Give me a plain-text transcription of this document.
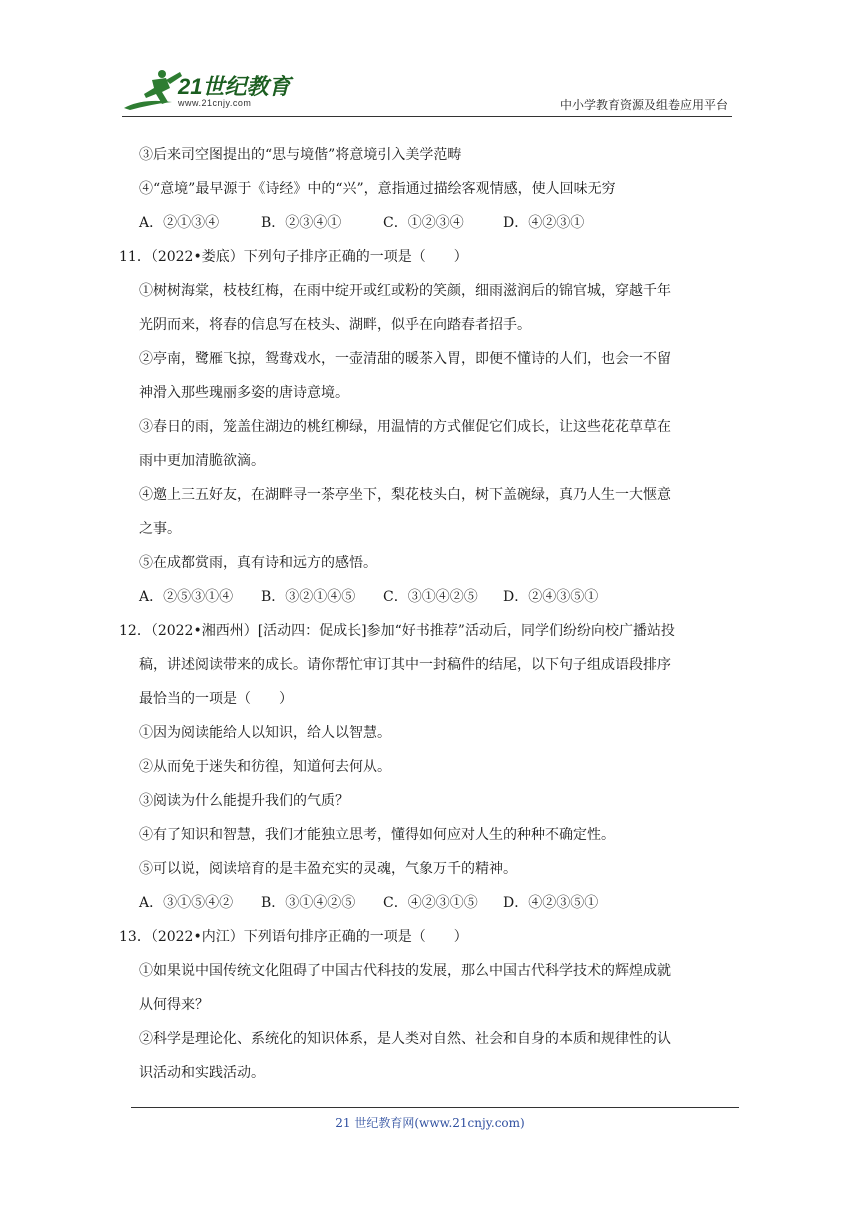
21世纪教育
www.21cnjy.com	中小学教育资源及组卷应用平台
③后来司空图提出的“思与境偕”将意境引入美学范畴
④“意境”最早源于《诗经》中的“兴”，意指通过描绘客观情感，使人回味无穷
A．②①③④	B．②③④①	C．①②③④	D．④②③①
11．（2022•娄底）下列句子排序正确的一项是（　　）
①树树海棠，枝枝红梅，在雨中绽开或红或粉的笑颜，细雨滋润后的锦官城，穿越千年
光阴而来，将春的信息写在枝头、湖畔，似乎在向踏春者招手。
②亭南，鹭雁飞掠，鸳鸯戏水，一壶清甜的暖茶入胃，即便不懂诗的人们，也会一不留
神滑入那些瑰丽多姿的唐诗意境。
③春日的雨，笼盖住湖边的桃红柳绿，用温情的方式催促它们成长，让这些花花草草在
雨中更加清脆欲滴。
④邀上三五好友，在湖畔寻一茶亭坐下，梨花枝头白，树下盖碗绿，真乃人生一大惬意
之事。
⑤在成都赏雨，真有诗和远方的感悟。
A．②⑤③①④ B．③②①④⑤ C．③①④②⑤ D．②④③⑤①
12．（2022•湘西州）[活动四：促成长]参加“好书推荐”活动后，同学们纷纷向校广播站投
稿，讲述阅读带来的成长。请你帮忙审订其中一封稿件的结尾，以下句子组成语段排序
最恰当的一项是（　　）
①因为阅读能给人以知识，给人以智慧。
②从而免于迷失和彷徨，知道何去何从。
③阅读为什么能提升我们的气质？
④有了知识和智慧，我们才能独立思考，懂得如何应对人生的种种不确定性。
⑤可以说，阅读培育的是丰盈充实的灵魂，气象万千的精神。
A．③①⑤④② B．③①④②⑤ C．④②③①⑤ D．④②③⑤①
13．（2022•内江）下列语句排序正确的一项是（　　）
①如果说中国传统文化阻碍了中国古代科技的发展，那么中国古代科学技术的辉煌成就
从何得来？
②科学是理论化、系统化的知识体系，是人类对自然、社会和自身的本质和规律性的认
识活动和实践活动。
21 世纪教育网(www.21cnjy.com)
